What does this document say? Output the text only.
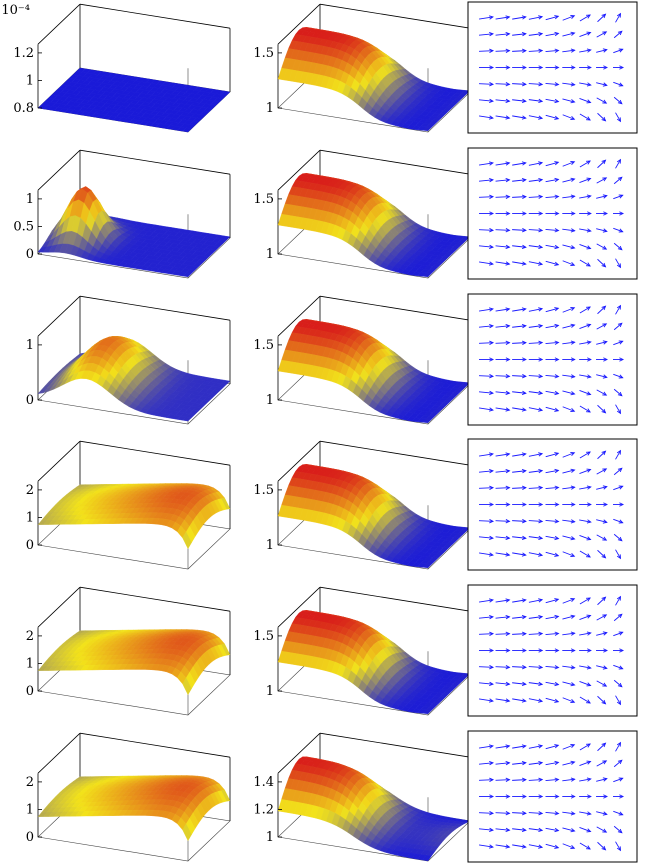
0.8
1
1.2
10⁻⁴
1
1.5
0
0.5
1
1
1.5
0
1
1
1.5
0
1
2
1
1.5
0
1
2
1
1.5
0
1
2
1
1.2
1.4
